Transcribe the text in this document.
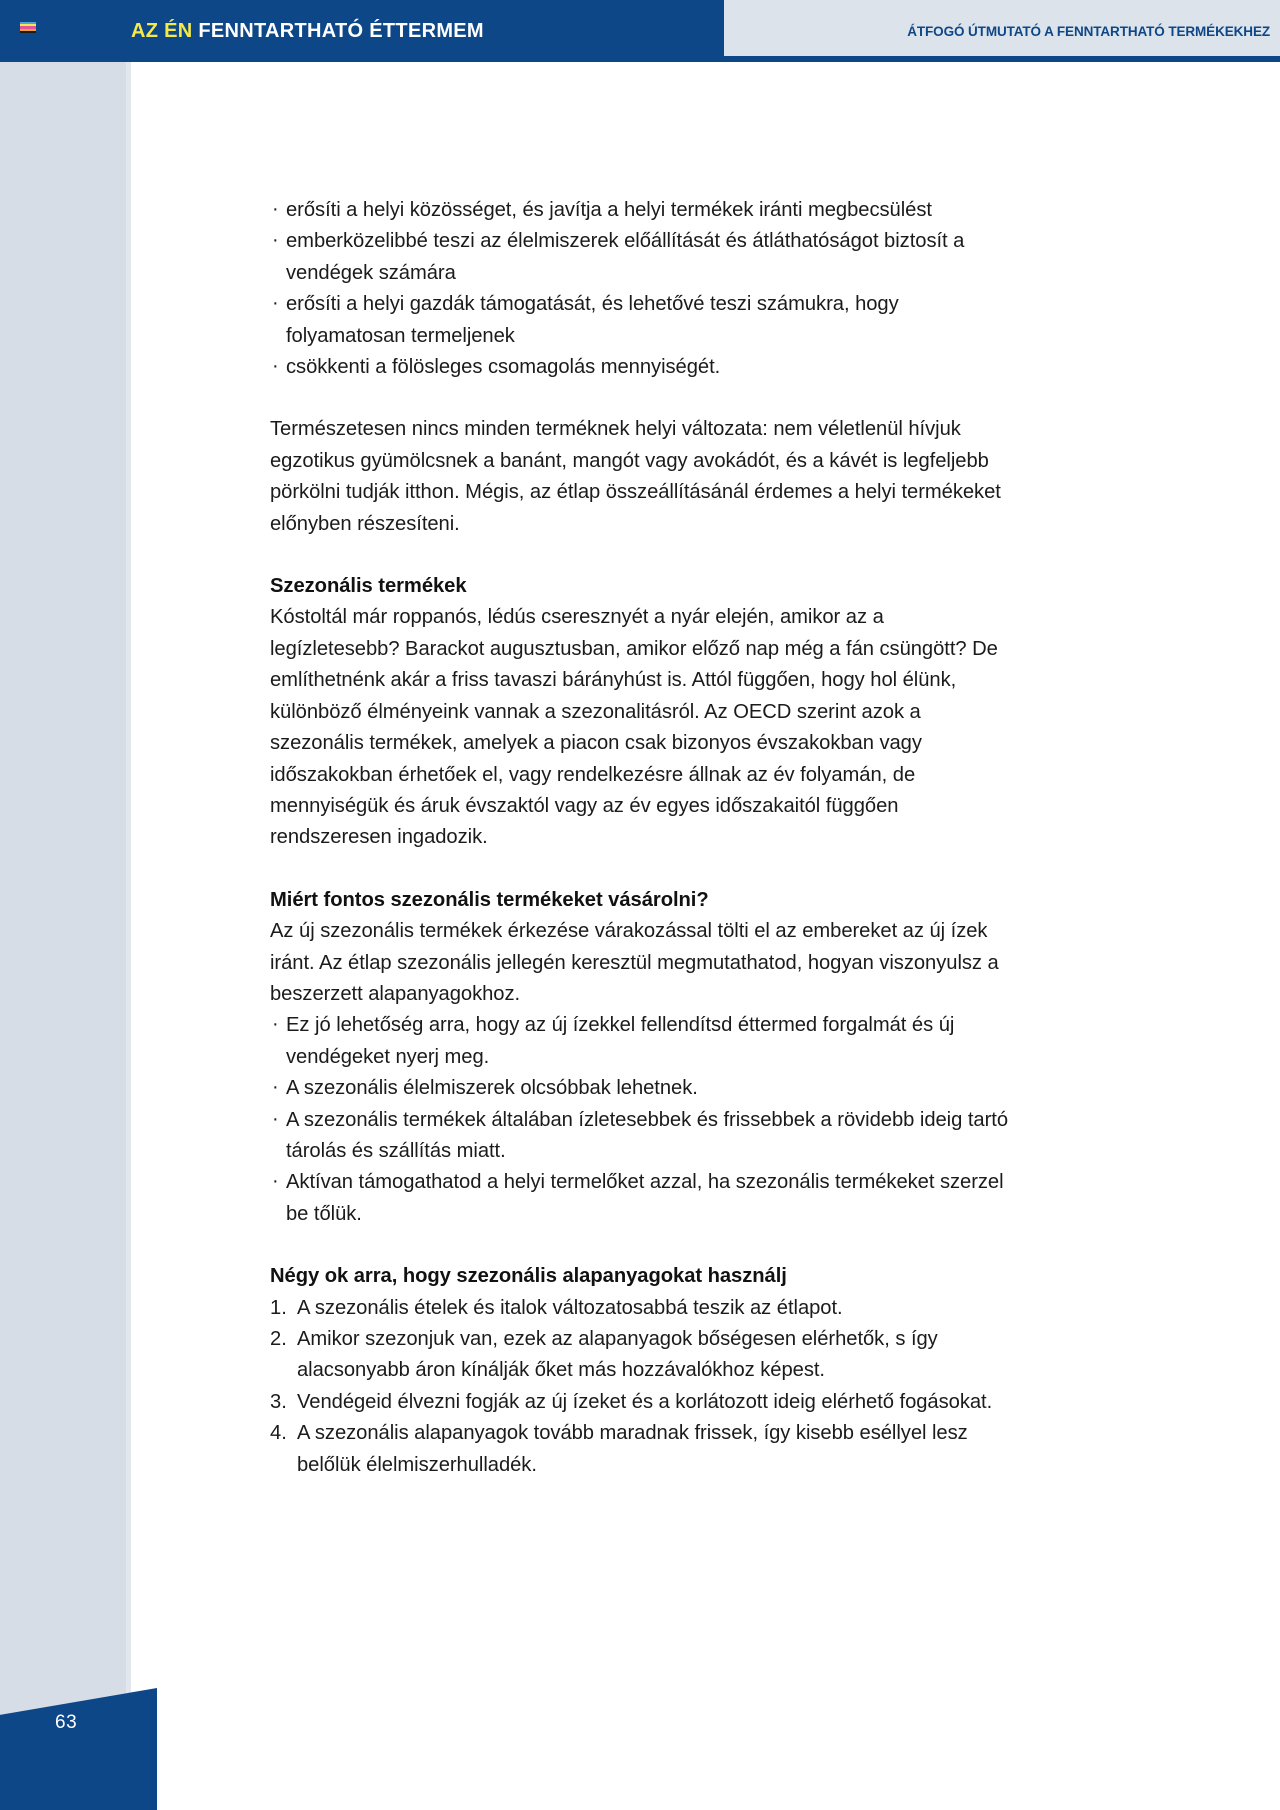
AZ ÉN FENNTARTHATÓ ÉTTERMEM	ÁTFOGÓ ÚTMUTATÓ A FENNTARTHATÓ TERMÉKEKHEZ
· erősíti a helyi közösséget, és javítja a helyi termékek iránti megbecsülést
· emberközelibbé teszi az élelmiszerek előállítását és átláthatóságot biztosít a vendégek számára
· erősíti a helyi gazdák támogatását, és lehetővé teszi számukra, hogy folyamatosan termeljenek
· csökkenti a fölösleges csomagolás mennyiségét.

Természetesen nincs minden terméknek helyi változata: nem véletlenül hívjuk egzotikus gyümölcsnek a banánt, mangót vagy avokádót, és a kávét is legfeljebb pörkölni tudják itthon. Mégis, az étlap összeállításánál érdemes a helyi termékeket előnyben részesíteni.

Szezonális termékek

Kóstoltál már roppanós, lédús cseresznyét a nyár elején, amikor az a legízletesebb? Barackot augusztusban, amikor előző nap még a fán csüngött? De említhetnénk akár a friss tavaszi bárányhúst is. Attól függően, hogy hol élünk, különböző élményeink vannak a szezonalitásról. Az OECD szerint azok a szezonális termékek, amelyek a piacon csak bizonyos évszakokban vagy időszakokban érhetőek el, vagy rendelkezésre állnak az év folyamán, de mennyiségük és áruk évszaktól vagy az év egyes időszakaitól függően rendszeresen ingadozik.

Miért fontos szezonális termékeket vásárolni?

Az új szezonális termékek érkezése várakozással tölti el az embereket az új ízek iránt. Az étlap szezonális jellegén keresztül megmutathatod, hogyan viszonyulsz a beszerzett alapanyagokhoz.

· Ez jó lehetőség arra, hogy az új ízekkel fellendítsd éttermed forgalmát és új vendégeket nyerj meg.
· A szezonális élelmiszerek olcsóbbak lehetnek.
· A szezonális termékek általában ízletesebbek és frissebbek a rövidebb ideig tartó tárolás és szállítás miatt.
· Aktívan támogathatod a helyi termelőket azzal, ha szezonális termékeket szerzel be tőlük.
Négy ok arra, hogy szezonális alapanyagokat használj
A szezonális ételek és italok változatosabbá teszik az étlapot.
Amikor szezonjuk van, ezek az alapanyagok bőségesen elérhetők, s így alacsonyabb áron kínálják őket más hozzávalókhoz képest.
Vendégeid élvezni fogják az új ízeket és a korlátozott ideig elérhető fogásokat.
A szezonális alapanyagok tovább maradnak frissek, így kisebb eséllyel lesz belőlük élelmiszerhulladék.
63
